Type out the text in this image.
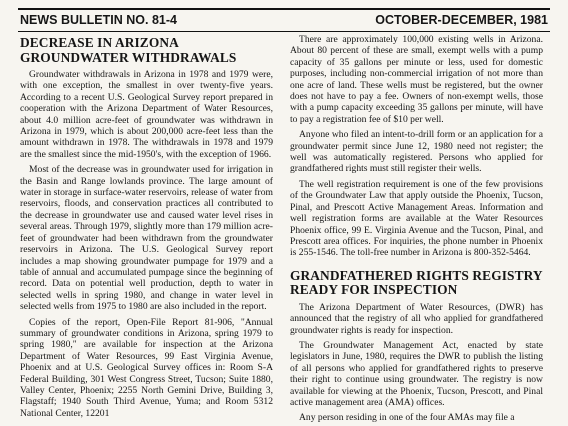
NEWS BULLETIN NO. 81-4	OCTOBER-DECEMBER, 1981
DECREASE IN ARIZONA GROUNDWATER WITHDRAWALS

Groundwater withdrawals in Arizona in 1978 and 1979 were, with one exception, the smallest in over twenty-five years. According to a recent U.S. Geological Survey report prepared in cooperation with the Arizona Department of Water Resources, about 4.0 million acre-feet of groundwater was withdrawn in Arizona in 1979, which is about 200,000 acre-feet less than the amount withdrawn in 1978. The withdrawals in 1978 and 1979 are the smallest since the mid-1950's, with the exception of 1966.

Most of the decrease was in groundwater used for irrigation in the Basin and Range lowlands province. The large amount of water in storage in surface-water reservoirs, release of water from reservoirs, floods, and conservation practices all contributed to the decrease in groundwater use and caused water level rises in several areas. Through 1979, slightly more than 179 million acre-feet of groundwater had been withdrawn from the groundwater reservoirs in Arizona. The U.S. Geological Survey report includes a map showing groundwater pumpage for 1979 and a table of annual and accumulated pumpage since the beginning of record. Data on potential well production, depth to water in selected wells in spring 1980, and change in water level in selected wells from 1975 to 1980 are also included in the report.

Copies of the report, Open-File Report 81-906, "Annual summary of groundwater conditions in Arizona, spring 1979 to spring 1980," are available for inspection at the Arizona Department of Water Resources, 99 East Virginia Avenue, Phoenix and at U.S. Geological Survey offices in: Room S-A Federal Building, 301 West Congress Street, Tucson; Suite 1880, Valley Center, Phoenix; 2255 North Gemini Drive, Building 3, Flagstaff; 1940 South Third Avenue, Yuma; and Room 5312 National Center, 12201

There are approximately 100,000 existing wells in Arizona. About 80 percent of these are small, exempt wells with a pump capacity of 35 gallons per minute or less, used for domestic purposes, including non-commercial irrigation of not more than one acre of land. These wells must be registered, but the owner does not have to pay a fee. Owners of non-exempt wells, those with a pump capacity exceeding 35 gallons per minute, will have to pay a registration fee of $10 per well.

Anyone who filed an intent-to-drill form or an application for a groundwater permit since June 12, 1980 need not register; the well was automatically registered. Persons who applied for grandfathered rights must still register their wells.

The well registration requirement is one of the few provisions of the Groundwater Law that apply outside the Phoenix, Tucson, Pinal, and Prescott Active Management Areas. Information and well registration forms are available at the Water Resources Phoenix office, 99 E. Virginia Avenue and the Tucson, Pinal, and Prescott area offices. For inquiries, the phone number in Phoenix is 255-1546. The toll-free number in Arizona is 800-352-5464.

GRANDFATHERED RIGHTS REGISTRY READY FOR INSPECTION

The Arizona Department of Water Resources, (DWR) has announced that the registry of all who applied for grandfathered groundwater rights is ready for inspection.

The Groundwater Management Act, enacted by state legislators in June, 1980, requires the DWR to publish the listing of all persons who applied for grandfathered rights to preserve their right to continue using groundwater. The registry is now available for viewing at the Phoenix, Tucson, Prescott, and Pinal active management area (AMA) offices.

Any person residing in one of the four AMAs may file a
